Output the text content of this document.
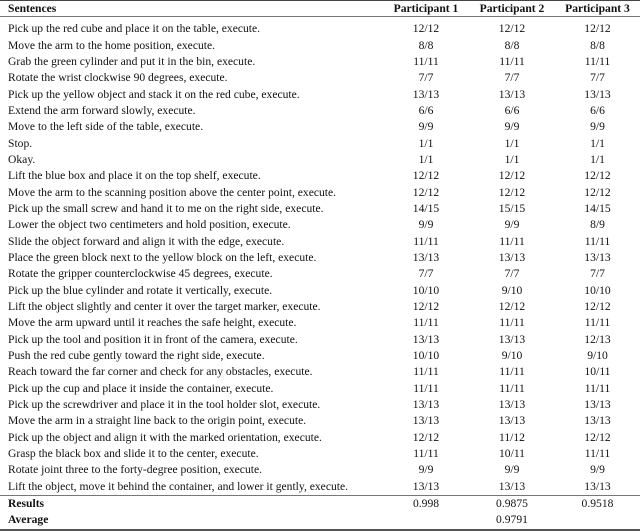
Sentences	Participant 1	Participant 2	Participant 3

Pick up the red cube and place it on the table, execute.	12/12	12/12	12/12
Move the arm to the home position, execute.	8/8	8/8	8/8
Grab the green cylinder and put it in the bin, execute.	11/11	11/11	11/11
Rotate the wrist clockwise 90 degrees, execute.	7/7	7/7	7/7
Pick up the yellow object and stack it on the red cube, execute.	13/13	13/13	13/13
Extend the arm forward slowly, execute.	6/6	6/6	6/6
Move to the left side of the table, execute.	9/9	9/9	9/9
Stop.	1/1	1/1	1/1
Okay.	1/1	1/1	1/1
Lift the blue box and place it on the top shelf, execute.	12/12	12/12	12/12
Move the arm to the scanning position above the center point, execute.	12/12	12/12	12/12
Pick up the small screw and hand it to me on the right side, execute.	14/15	15/15	14/15
Lower the object two centimeters and hold position, execute.	9/9	9/9	8/9
Slide the object forward and align it with the edge, execute.	11/11	11/11	11/11
Place the green block next to the yellow block on the left, execute.	13/13	13/13	13/13
Rotate the gripper counterclockwise 45 degrees, execute.	7/7	7/7	7/7
Pick up the blue cylinder and rotate it vertically, execute.	10/10	9/10	10/10
Lift the object slightly and center it over the target marker, execute.	12/12	12/12	12/12
Move the arm upward until it reaches the safe height, execute.	11/11	11/11	11/11
Pick up the tool and position it in front of the camera, execute.	13/13	13/13	12/13
Push the red cube gently toward the right side, execute.	10/10	9/10	9/10
Reach toward the far corner and check for any obstacles, execute.	11/11	11/11	10/11
Pick up the cup and place it inside the container, execute.	11/11	11/11	11/11
Pick up the screwdriver and place it in the tool holder slot, execute.	13/13	13/13	13/13
Move the arm in a straight line back to the origin point, execute.	13/13	13/13	13/13
Pick up the object and align it with the marked orientation, execute.	12/12	11/12	12/12
Grasp the black box and slide it to the center, execute.	11/11	10/11	11/11
Rotate joint three to the forty-degree position, execute.	9/9	9/9	9/9
Lift the object, move it behind the container, and lower it gently, execute.	13/13	13/13	13/13
Results	0.998	0.9875	0.9518
Average		0.9791	
